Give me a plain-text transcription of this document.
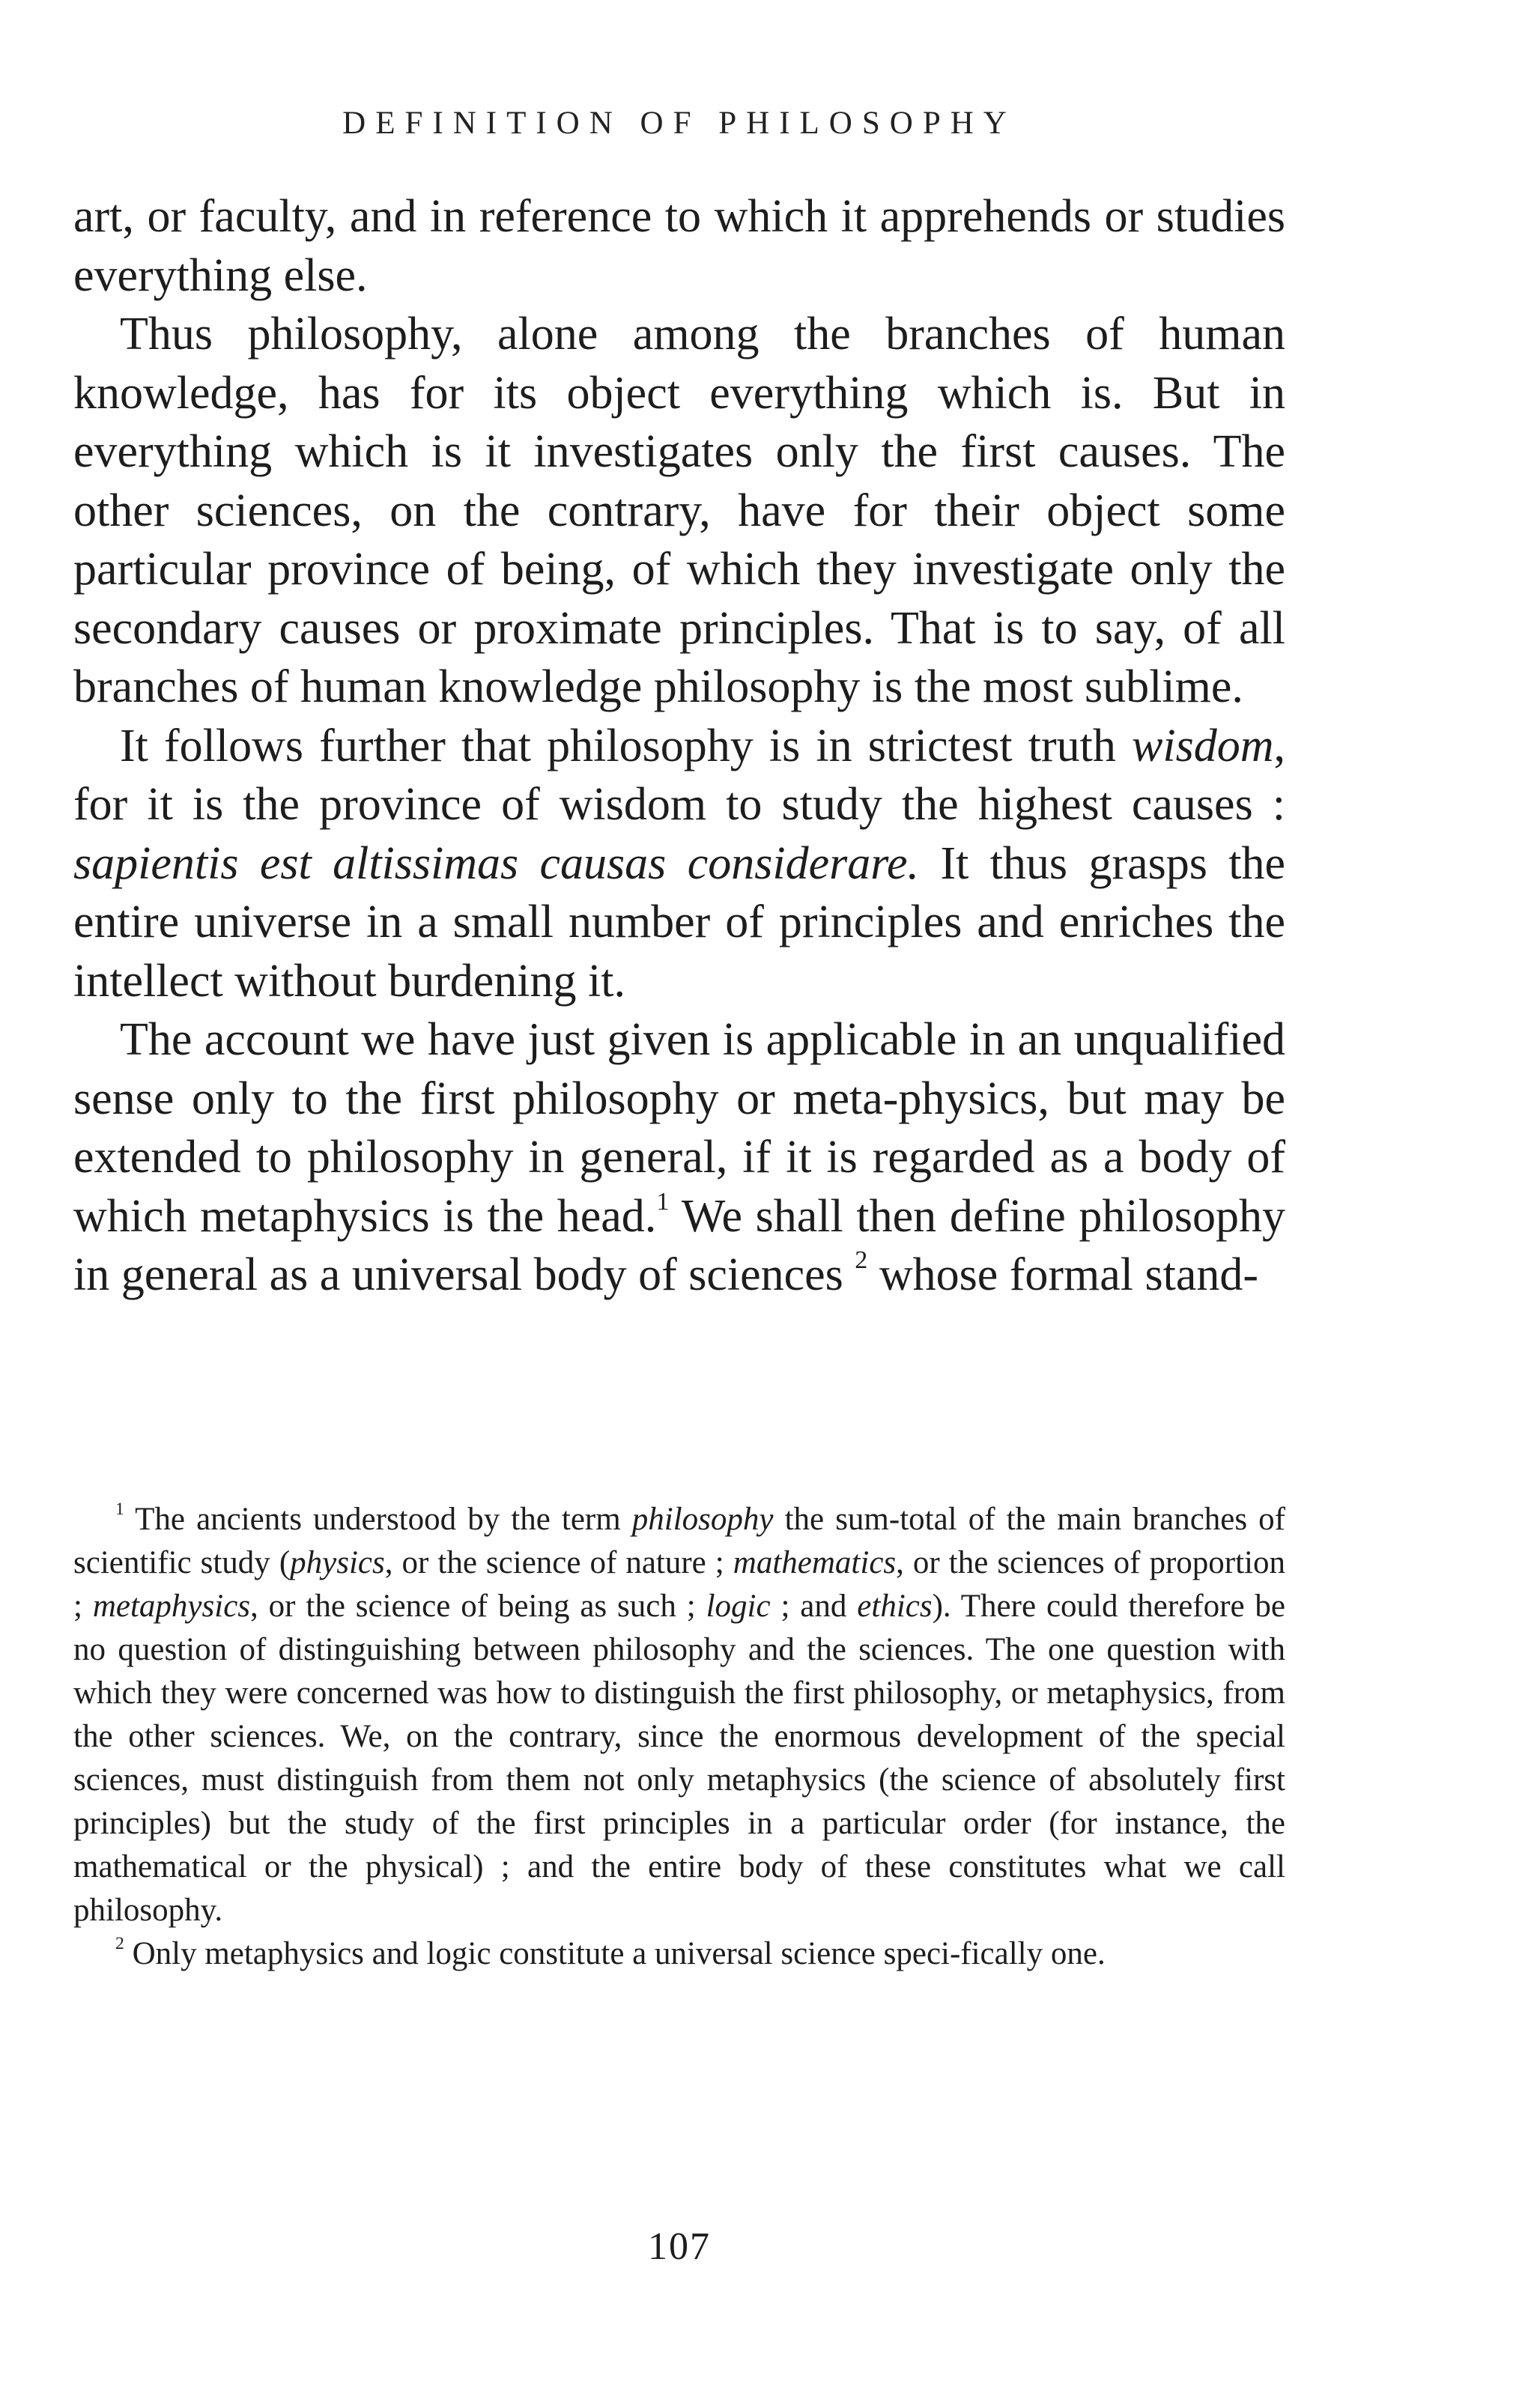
DEFINITION OF PHILOSOPHY

art, or faculty, and in reference to which it apprehends or studies everything else.

Thus philosophy, alone among the branches of human knowledge, has for its object everything which is. But in everything which is it investigates only the first causes. The other sciences, on the contrary, have for their object some particular province of being, of which they investigate only the secondary causes or proximate principles. That is to say, of all branches of human knowledge philosophy is the most sublime.

It follows further that philosophy is in strictest truth wisdom, for it is the province of wisdom to study the highest causes : sapientis est altissimas causas considerare. It thus grasps the entire universe in a small number of principles and enriches the intellect without burdening it.

The account we have just given is applicable in an unqualified sense only to the first philosophy or meta-physics, but may be extended to philosophy in general, if it is regarded as a body of which metaphysics is the head.$^1$ We shall then define philosophy in general as a universal body of sciences $^2$ whose formal stand-

$^1$ The ancients understood by the term philosophy the sum-total of the main branches of scientific study (physics, or the science of nature ; mathematics, or the sciences of proportion ; metaphysics, or the science of being as such ; logic ; and ethics). There could therefore be no question of distinguishing between philosophy and the sciences. The one question with which they were concerned was how to distinguish the first philosophy, or metaphysics, from the other sciences. We, on the contrary, since the enormous development of the special sciences, must distinguish from them not only metaphysics (the science of absolutely first principles) but the study of the first principles in a particular order (for instance, the mathematical or the physical) ; and the entire body of these constitutes what we call philosophy.

$^2$ Only metaphysics and logic constitute a universal science speci-fically one.

107
